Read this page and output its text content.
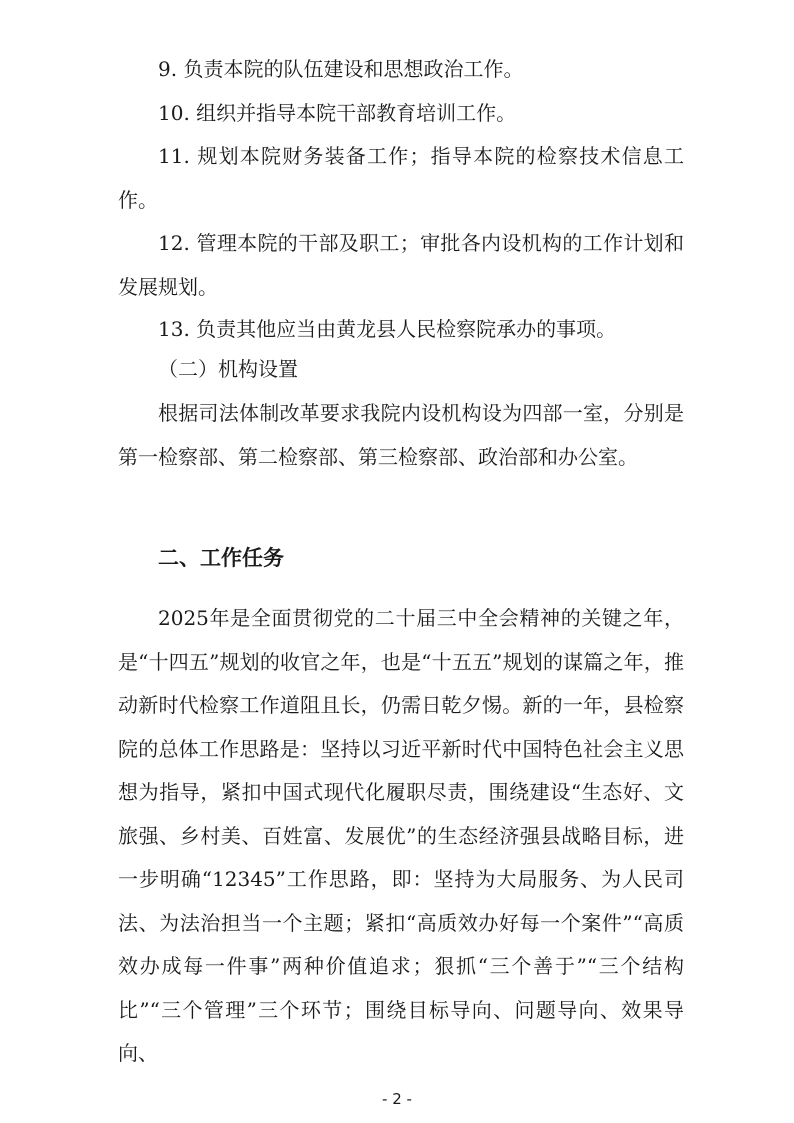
9. 负责本院的队伍建设和思想政治工作。

10. 组织并指导本院干部教育培训工作。

11. 规划本院财务装备工作；指导本院的检察技术信息工作。

12. 管理本院的干部及职工；审批各内设机构的工作计划和发展规划。

13. 负责其他应当由黄龙县人民检察院承办的事项。

（二）机构设置

根据司法体制改革要求我院内设机构设为四部一室，分别是第一检察部、第二检察部、第三检察部、政治部和办公室。

二、工作任务

2025年是全面贯彻党的二十届三中全会精神的关键之年，是“十四五”规划的收官之年，也是“十五五”规划的谋篇之年，推动新时代检察工作道阻且长，仍需日乾夕惕。新的一年，县检察院的总体工作思路是：坚持以习近平新时代中国特色社会主义思想为指导，紧扣中国式现代化履职尽责，围绕建设“生态好、文旅强、乡村美、百姓富、发展优”的生态经济强县战略目标，进一步明确“12345”工作思路，即：坚持为大局服务、为人民司法、为法治担当一个主题；紧扣“高质效办好每一个案件”“高质效办成每一件事”两种价值追求；狠抓“三个善于”“三个结构比”“三个管理”三个环节；围绕目标导向、问题导向、效果导向、

- 2 -
